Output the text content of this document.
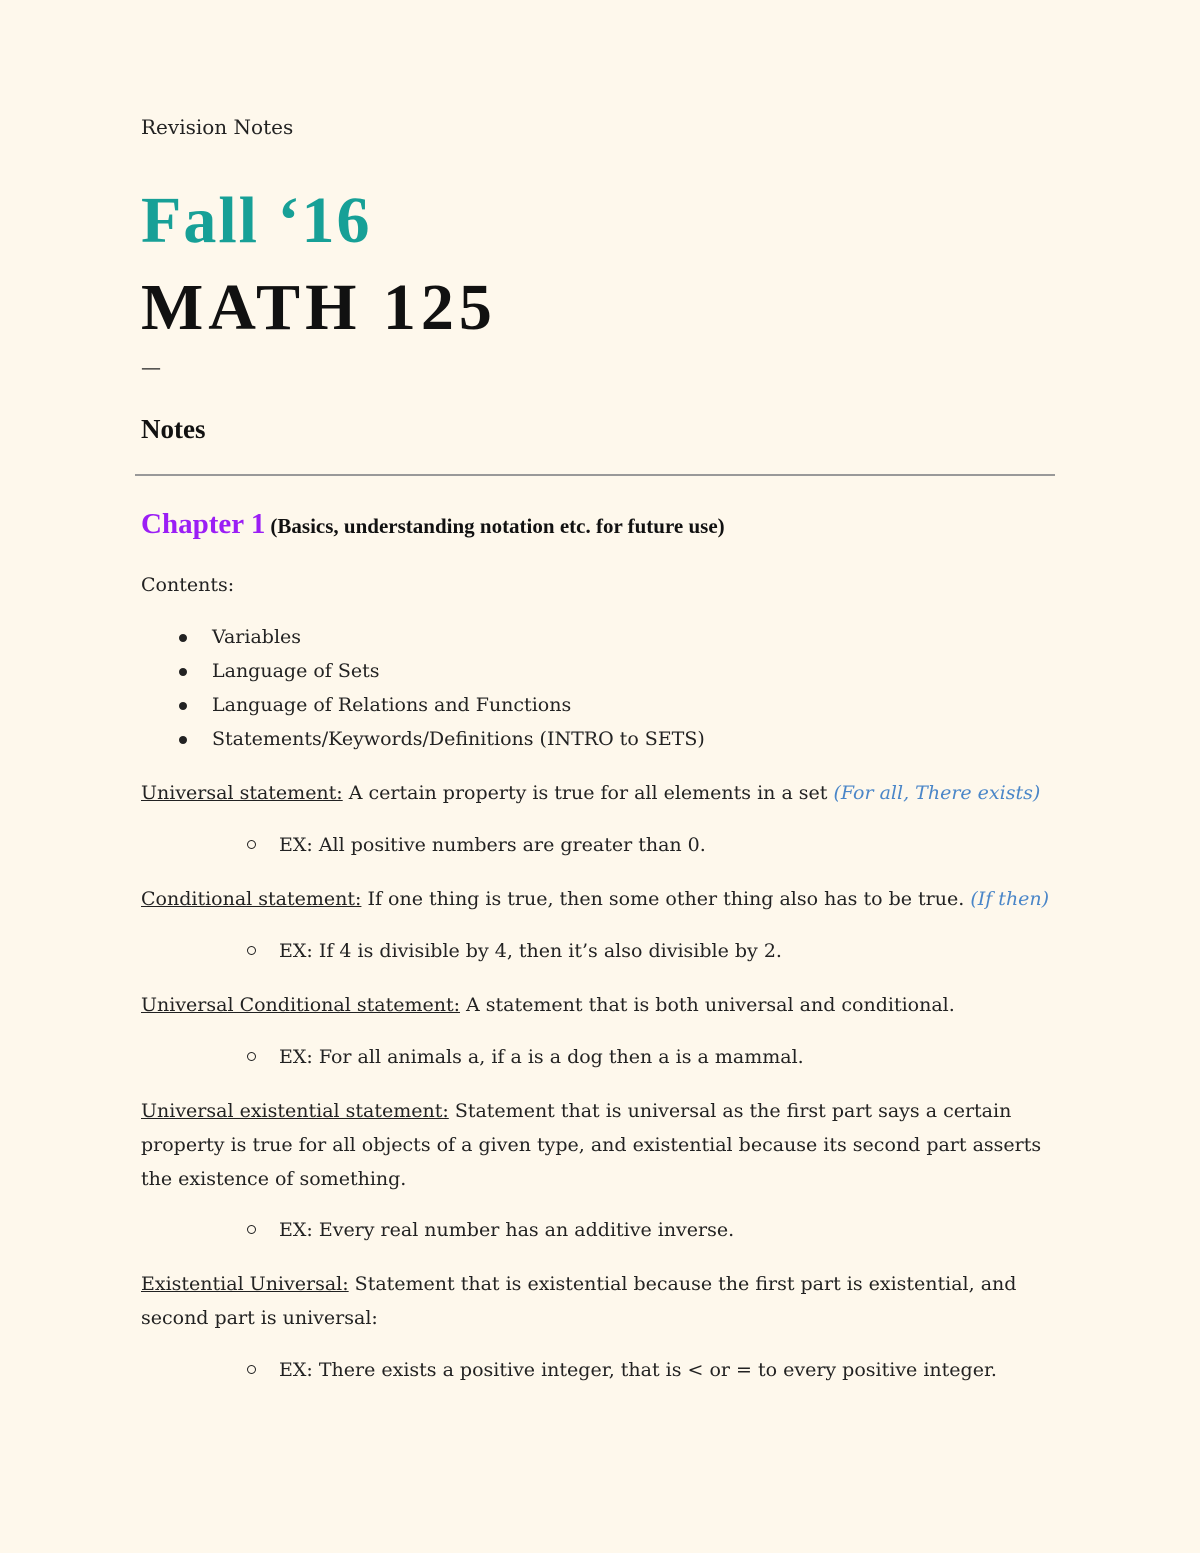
Revision Notes
Fall ‘16
MATH 125
—
Notes
Chapter 1 (Basics, understanding notation etc. for future use)
Contents:
Variables
Language of Sets
Language of Relations and Functions
Statements/Keywords/Definitions (INTRO to SETS)
Universal statement: A certain property is true for all elements in a set (For all, There exists)
EX: All positive numbers are greater than 0.
Conditional statement: If one thing is true, then some other thing also has to be true. (If then)
EX: If 4 is divisible by 4, then it’s also divisible by 2.
Universal Conditional statement: A statement that is both universal and conditional.
EX: For all animals a, if a is a dog then a is a mammal.
Universal existential statement: Statement that is universal as the first part says a certain property is true for all objects of a given type, and existential because its second part asserts the existence of something.
EX: Every real number has an additive inverse.
Existential Universal: Statement that is existential because the first part is existential, and second part is universal:
EX: There exists a positive integer, that is < or = to every positive integer.
